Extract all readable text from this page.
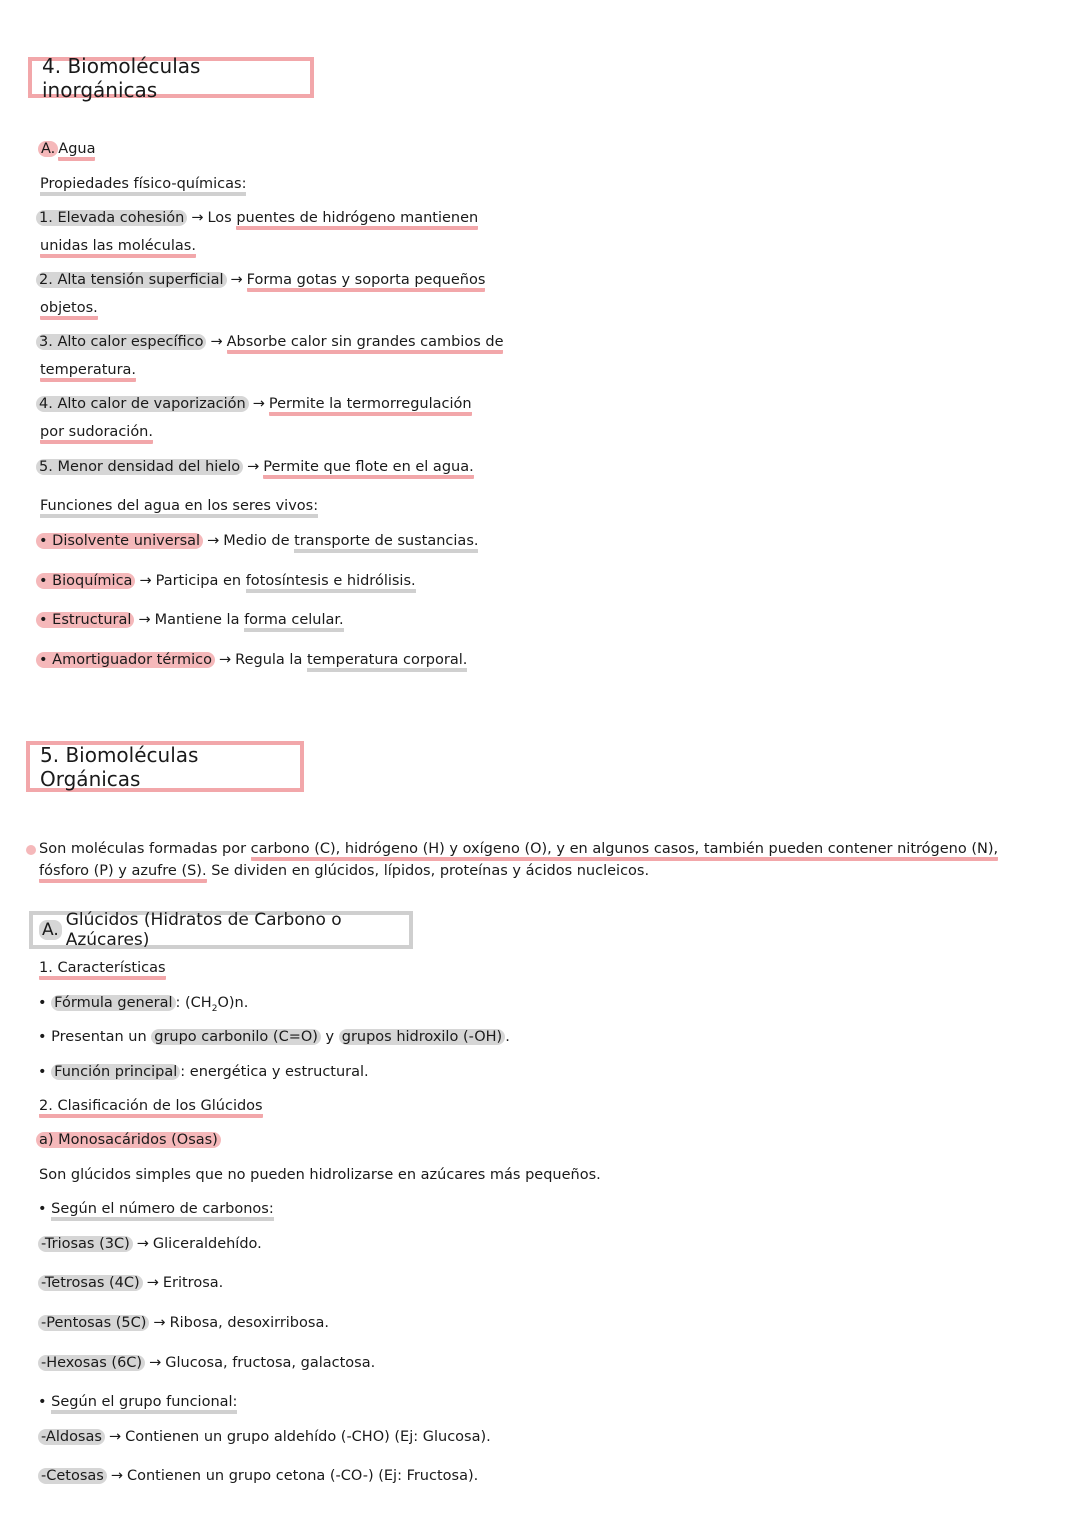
4. Biomoléculas inorgánicas
A. Agua
Propiedades físico-químicas:
1. Elevada cohesión → Los puentes de hidrógeno mantienen
unidas las moléculas.
2. Alta tensión superficial → Forma gotas y soporta pequeños
objetos.
3. Alto calor específico → Absorbe calor sin grandes cambios de
temperatura.
4. Alto calor de vaporización → Permite la termorregulación
por sudoración.
5. Menor densidad del hielo → Permite que flote en el agua.
Funciones del agua en los seres vivos:
• Disolvente universal → Medio de transporte de sustancias.
• Bioquímica → Participa en fotosíntesis e hidrólisis.
• Estructural → Mantiene la forma celular.
• Amortiguador térmico → Regula la temperatura corporal.
5. Biomoléculas Orgánicas
Son moléculas formadas por carbono (C), hidrógeno (H) y oxígeno (O), y en algunos casos, también pueden contener nitrógeno (N),
fósforo (P) y azufre (S). Se dividen en glúcidos, lípidos, proteínas y ácidos nucleicos.
A. Glúcidos (Hidratos de Carbono o Azúcares)
1. Características
• Fórmula general : $(CH_2O)n$.
• Presentan un grupo carbonilo (C=O) y grupos hidroxilo (-OH) .
• Función principal : energética y estructural.
2. Clasificación de los Glúcidos
a) Monosacáridos (Osas)
Son glúcidos simples que no pueden hidrolizarse en azúcares más pequeños.
• Según el número de carbonos:
-Triosas (3C) → Gliceraldehído.
-Tetrosas (4C) → Eritrosa.
-Pentosas (5C) → Ribosa, desoxirribosa.
-Hexosas (6C) → Glucosa, fructosa, galactosa.
• Según el grupo funcional:
-Aldosas → Contienen un grupo aldehído (-CHO) (Ej: Glucosa).
-Cetosas → Contienen un grupo cetona (-CO-) (Ej: Fructosa).
